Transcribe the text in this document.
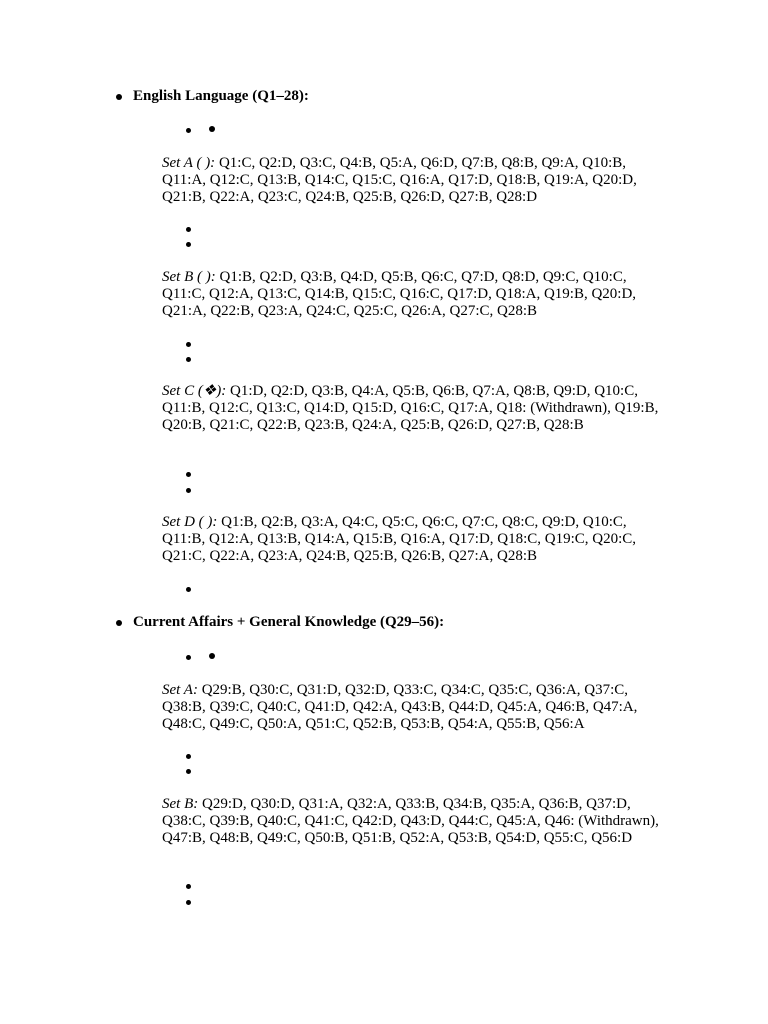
English Language (Q1–28):
Set A ( ): Q1:C, Q2:D, Q3:C, Q4:B, Q5:A, Q6:D, Q7:B, Q8:B, Q9:A, Q10:B, Q11:A, Q12:C, Q13:B, Q14:C, Q15:C, Q16:A, Q17:D, Q18:B, Q19:A, Q20:D, Q21:B, Q22:A, Q23:C, Q24:B, Q25:B, Q26:D, Q27:B, Q28:D
Set B ( ): Q1:B, Q2:D, Q3:B, Q4:D, Q5:B, Q6:C, Q7:D, Q8:D, Q9:C, Q10:C, Q11:C, Q12:A, Q13:C, Q14:B, Q15:C, Q16:C, Q17:D, Q18:A, Q19:B, Q20:D, Q21:A, Q22:B, Q23:A, Q24:C, Q25:C, Q26:A, Q27:C, Q28:B
Set C (❖): Q1:D, Q2:D, Q3:B, Q4:A, Q5:B, Q6:B, Q7:A, Q8:B, Q9:D, Q10:C, Q11:B, Q12:C, Q13:C, Q14:D, Q15:D, Q16:C, Q17:A, Q18: (Withdrawn), Q19:B, Q20:B, Q21:C, Q22:B, Q23:B, Q24:A, Q25:B, Q26:D, Q27:B, Q28:B
Set D ( ): Q1:B, Q2:B, Q3:A, Q4:C, Q5:C, Q6:C, Q7:C, Q8:C, Q9:D, Q10:C, Q11:B, Q12:A, Q13:B, Q14:A, Q15:B, Q16:A, Q17:D, Q18:C, Q19:C, Q20:C, Q21:C, Q22:A, Q23:A, Q24:B, Q25:B, Q26:B, Q27:A, Q28:B
Current Affairs + General Knowledge (Q29–56):
Set A: Q29:B, Q30:C, Q31:D, Q32:D, Q33:C, Q34:C, Q35:C, Q36:A, Q37:C, Q38:B, Q39:C, Q40:C, Q41:D, Q42:A, Q43:B, Q44:D, Q45:A, Q46:B, Q47:A, Q48:C, Q49:C, Q50:A, Q51:C, Q52:B, Q53:B, Q54:A, Q55:B, Q56:A
Set B: Q29:D, Q30:D, Q31:A, Q32:A, Q33:B, Q34:B, Q35:A, Q36:B, Q37:D, Q38:C, Q39:B, Q40:C, Q41:C, Q42:D, Q43:D, Q44:C, Q45:A, Q46: (Withdrawn), Q47:B, Q48:B, Q49:C, Q50:B, Q51:B, Q52:A, Q53:B, Q54:D, Q55:C, Q56:D
